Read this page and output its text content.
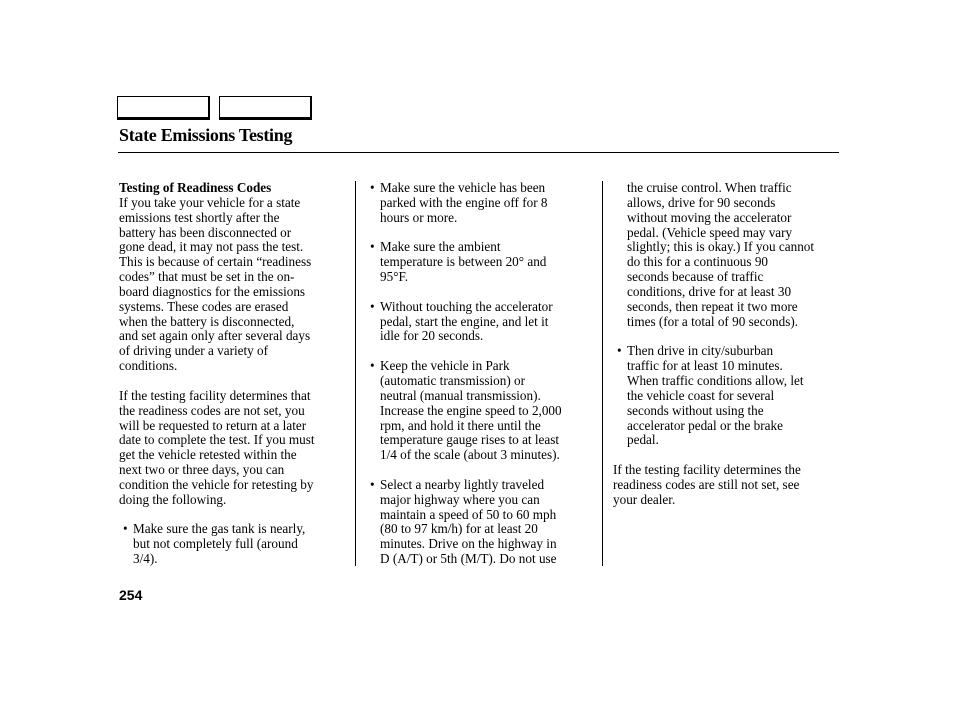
State Emissions Testing
Testing of Readiness Codes
If you take your vehicle for a state
emissions test shortly after the
battery has been disconnected or
gone dead, it may not pass the test.
This is because of certain “readiness
codes” that must be set in the on-
board diagnostics for the emissions
systems. These codes are erased
when the battery is disconnected,
and set again only after several days
of driving under a variety of
conditions.
If the testing facility determines that
the readiness codes are not set, you
will be requested to return at a later
date to complete the test. If you must
get the vehicle retested within the
next two or three days, you can
condition the vehicle for retesting by
doing the following.
• Make sure the gas tank is nearly,
but not completely full (around
3/4).
• Make sure the vehicle has been
parked with the engine off for 8
hours or more.
• Make sure the ambient
temperature is between 20° and
95°F.
• Without touching the accelerator
pedal, start the engine, and let it
idle for 20 seconds.
• Keep the vehicle in Park
(automatic transmission) or
neutral (manual transmission).
Increase the engine speed to 2,000
rpm, and hold it there until the
temperature gauge rises to at least
1/4 of the scale (about 3 minutes).
• Select a nearby lightly traveled
major highway where you can
maintain a speed of 50 to 60 mph
(80 to 97 km/h) for at least 20
minutes. Drive on the highway in
D (A/T) or 5th (M/T). Do not use
the cruise control. When traffic
allows, drive for 90 seconds
without moving the accelerator
pedal. (Vehicle speed may vary
slightly; this is okay.) If you cannot
do this for a continuous 90
seconds because of traffic
conditions, drive for at least 30
seconds, then repeat it two more
times (for a total of 90 seconds).
• Then drive in city/suburban
traffic for at least 10 minutes.
When traffic conditions allow, let
the vehicle coast for several
seconds without using the
accelerator pedal or the brake
pedal.
If the testing facility determines the
readiness codes are still not set, see
your dealer.
254
